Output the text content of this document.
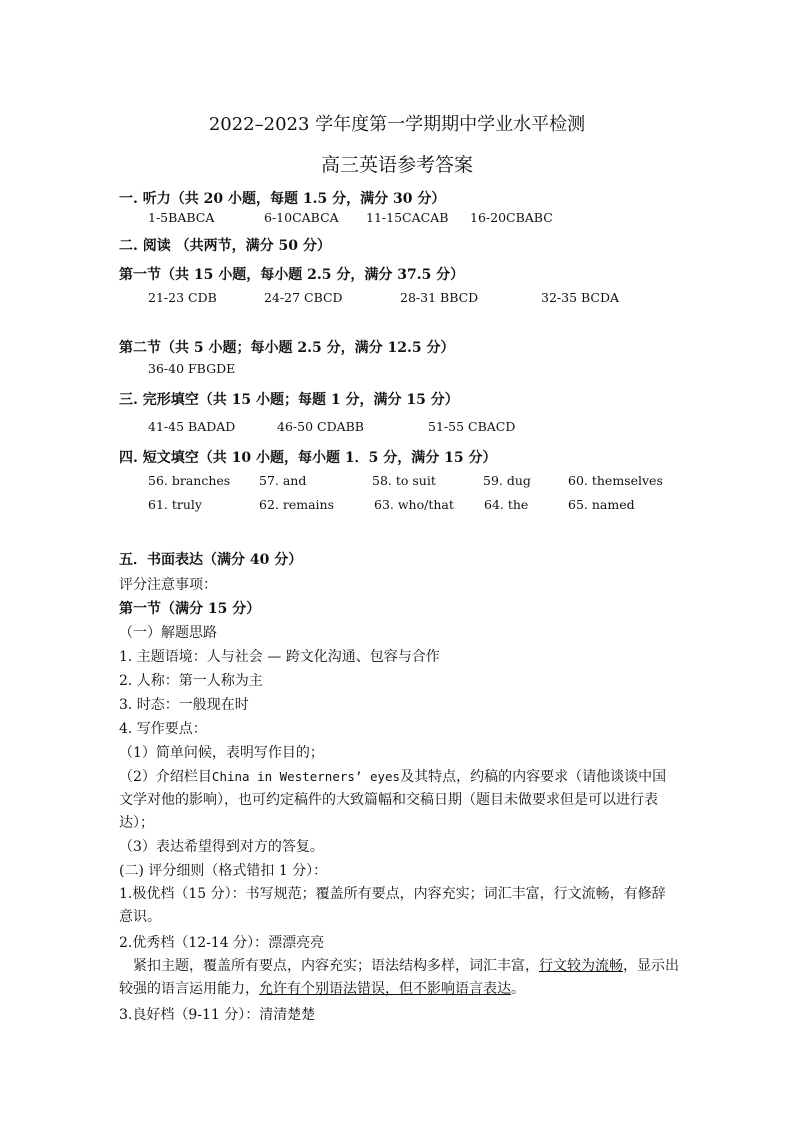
2022–2023 学年度第一学期期中学业水平检测
高三英语参考答案
一. 听力（共 20 小题，每题 1.5 分，满分 30 分）
1-5BABCA	6-10CABCA 11-15CACAB 16-20CBABC
二. 阅读 （共两节，满分 50 分）
第一节（共 15 小题，每小题 2.5 分，满分 37.5 分）
21-23 CDB	24-27 CBCD	28-31 BBCD	32-35 BCDA
第二节（共 5 小题；每小题 2.5 分，满分 12.5 分）
36-40 FBGDE
三. 完形填空（共 15 小题；每题 1 分，满分 15 分）
41-45 BADAD	46-50 CDABB	51-55 CBACD
四. 短文填空（共 10 小题，每小题 1．5 分，满分 15 分）
56. branches 57. and	58. to suit	59. dug	60. themselves
61. truly	62. remains	63. who/that 64. the	65. named
五．书面表达（满分 40 分）
评分注意事项：
第一节（满分 15 分）
（一）解题思路
1. 主题语境：人与社会 — 跨文化沟通、包容与合作
2. 人称：第一人称为主
3. 时态：一般现在时
4. 写作要点：
（1）简单问候，表明写作目的；
（2）介绍栏目China in Westerners’ eyes及其特点，约稿的内容要求（请他谈谈中国文学对他的影响），也可约定稿件的大致篇幅和交稿日期（题目未做要求但是可以进行表达）；
（3）表达希望得到对方的答复。
(二) 评分细则（格式错扣 1 分）：
1.极优档（15 分）：书写规范；覆盖所有要点，内容充实；词汇丰富，行文流畅，有修辞意识。
2.优秀档（12-14 分）：漂漂亮亮
紧扣主题，覆盖所有要点，内容充实；语法结构多样，词汇丰富，行文较为流畅，显示出较强的语言运用能力，允许有个别语法错误，但不影响语言表达。
3.良好档（9-11 分）：清清楚楚
